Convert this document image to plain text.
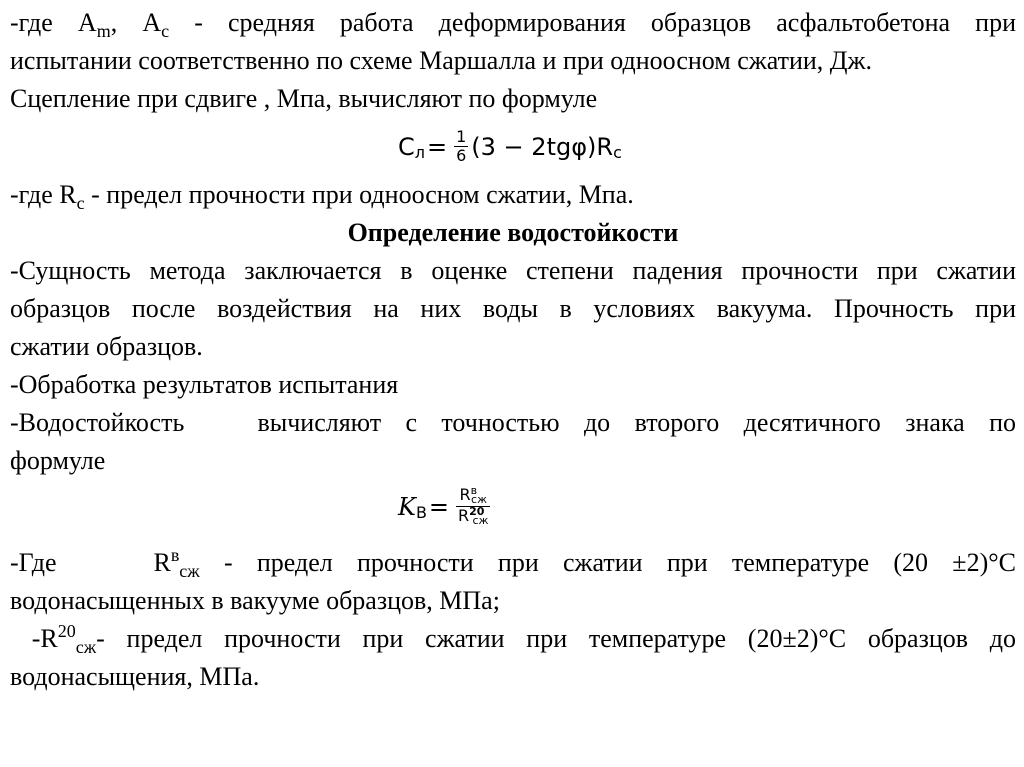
-где $А_m$, $А_c$ - средняя работа деформирования образцов асфальтобетона при
испытании соответственно по схеме Маршалла и при одноосном сжатии, Дж.
Сцепление при сдвиге , Мпа, вычисляют по формуле
C $л = \frac{1}{6} (3 - 2tg\varphi)R$ c
-где $R_c$ - предел прочности при одноосном сжатии, Мпа.
Определение водостойкости
-Сущность метода заключается в оценке степени падения прочности при сжатии
образцов после воздействия на них воды в условиях вакуума. Прочность при
сжатии образцов.
-Обработка результатов испытания
-Водостойкость   вычисляют с точностью до второго десятичного знака по
формуле
K $В = \frac{R^всж}{R^{20}сж}$
-Где    $R^в_{сж}$ - предел прочности при сжатии при температуре (20 ±2)°С
водонасыщенных в вакууме образцов, МПа;
$-R^{20}_{сж}-$ предел прочности при сжатии при температуре (20±2)°С образцов до
водонасыщения, МПа.
